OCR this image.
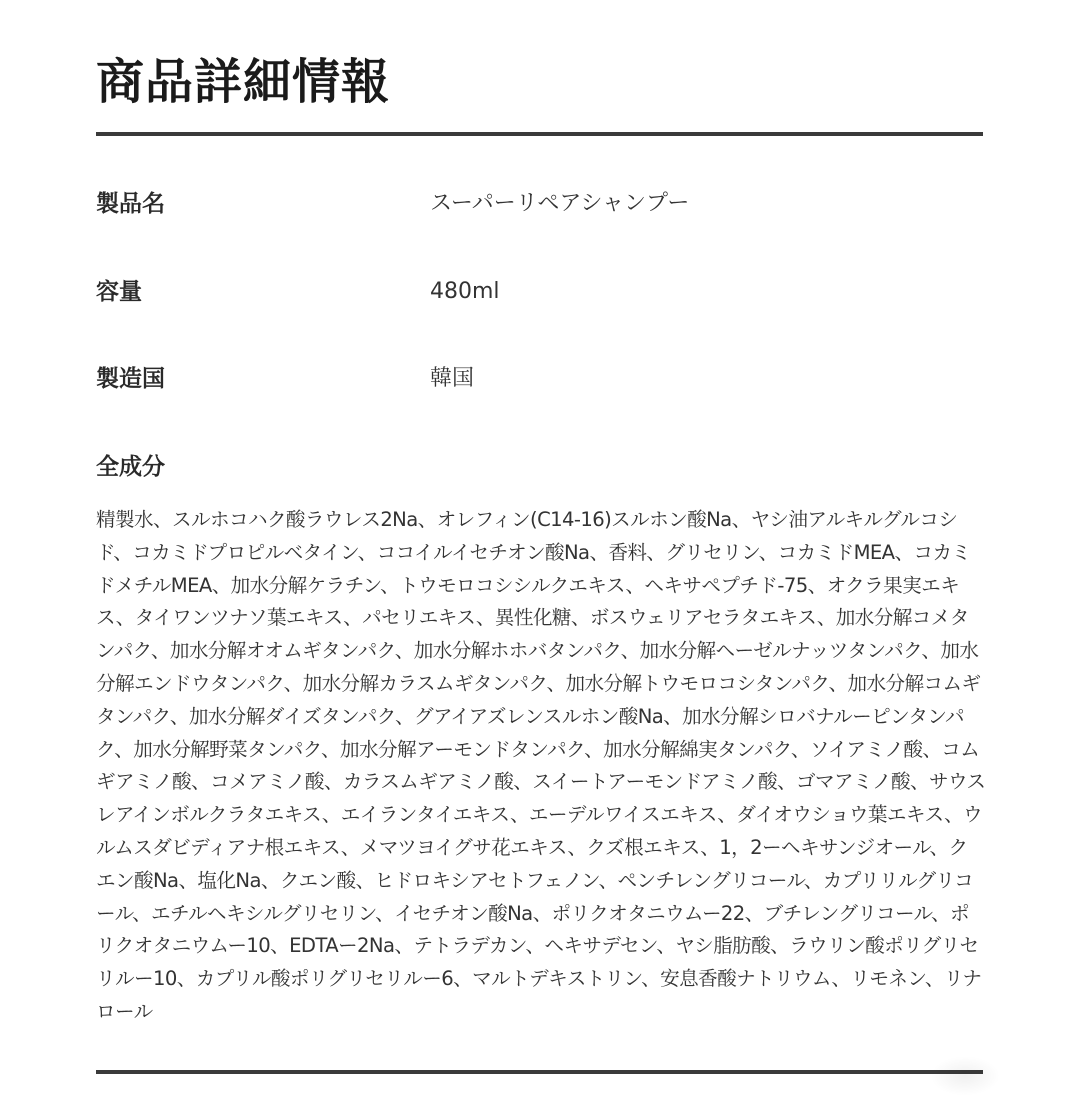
商品詳細情報
製品名	スーパーリペアシャンプー
容量	480ml
製造国	韓国
全成分

精製水、スルホコハク酸ラウレス2Na、オレフィン(C14-16)スルホン酸Na、ヤシ油アルキルグルコシド、コカミドプロピルベタイン、ココイルイセチオン酸Na、香料、グリセリン、コカミドMEA、コカミドメチルMEA、加水分解ケラチン、トウモロコシシルクエキス、ヘキサペプチド-75、オクラ果実エキス、タイワンツナソ葉エキス、パセリエキス、異性化糖、ボスウェリアセラタエキス、加水分解コメタンパク、加水分解オオムギタンパク、加水分解ホホバタンパク、加水分解ヘーゼルナッツタンパク、加水分解エンドウタンパク、加水分解カラスムギタンパク、加水分解トウモロコシタンパク、加水分解コムギタンパク、加水分解ダイズタンパク、グアイアズレンスルホン酸Na、加水分解シロバナルーピンタンパク、加水分解野菜タンパク、加水分解アーモンドタンパク、加水分解綿実タンパク、ソイアミノ酸、コムギアミノ酸、コメアミノ酸、カラスムギアミノ酸、スイートアーモンドアミノ酸、ゴマアミノ酸、サウスレアインボルクラタエキス、エイランタイエキス、エーデルワイスエキス、ダイオウショウ葉エキス、ウルムスダビディアナ根エキス、メマツヨイグサ花エキス、クズ根エキス、1，2ーヘキサンジオール、クエン酸Na、塩化Na、クエン酸、ヒドロキシアセトフェノン、ペンチレングリコール、カプリリルグリコール、エチルヘキシルグリセリン、イセチオン酸Na、ポリクオタニウムー22、ブチレングリコール、ポリクオタニウムー10、EDTAー2Na、テトラデカン、ヘキサデセン、ヤシ脂肪酸、ラウリン酸ポリグリセリルー10、カプリル酸ポリグリセリルー6、マルトデキストリン、安息香酸ナトリウム、リモネン、リナロール
